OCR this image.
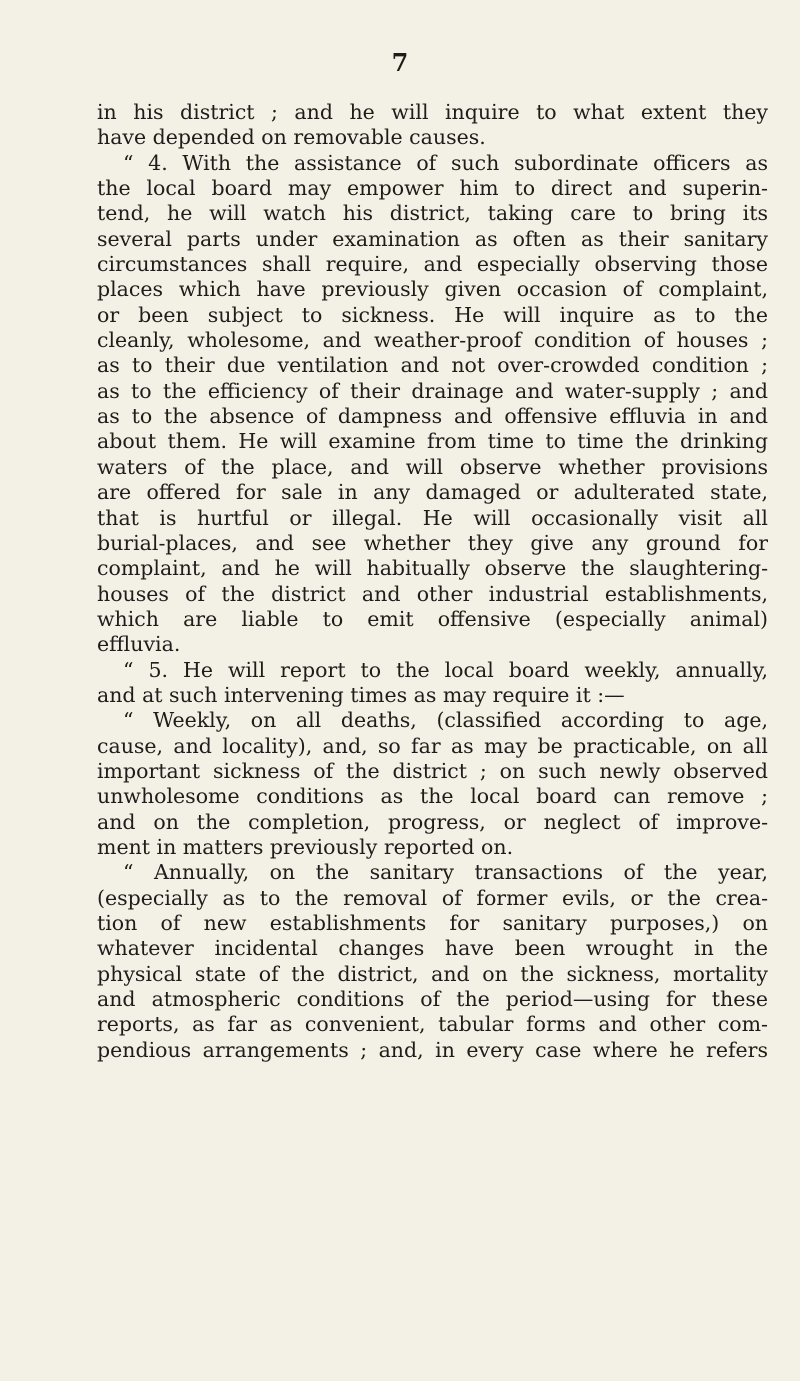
7
in his district ; and he will inquire to what extent they
have depended on removable causes.
“ 4. With the assistance of such subordinate officers as
the local board may empower him to direct and superin-
tend, he will watch his district, taking care to bring its
several parts under examination as often as their sanitary
circumstances shall require, and especially observing those
places which have previously given occasion of complaint,
or been subject to sickness. He will inquire as to the
cleanly, wholesome, and weather-proof condition of houses ;
as to their due ventilation and not over-crowded condition ;
as to the efficiency of their drainage and water-supply ; and
as to the absence of dampness and offensive effluvia in and
about them. He will examine from time to time the drinking
waters of the place, and will observe whether provisions
are offered for sale in any damaged or adulterated state,
that is hurtful or illegal. He will occasionally visit all
burial-places, and see whether they give any ground for
complaint, and he will habitually observe the slaughtering-
houses of the district and other industrial establishments,
which are liable to emit offensive (especially animal)
effluvia.
“ 5. He will report to the local board weekly, annually,
and at such intervening times as may require it :—
“ Weekly, on all deaths, (classified according to age,
cause, and locality), and, so far as may be practicable, on all
important sickness of the district ; on such newly observed
unwholesome conditions as the local board can remove ;
and on the completion, progress, or neglect of improve-
ment in matters previously reported on.
“ Annually, on the sanitary transactions of the year,
(especially as to the removal of former evils, or the crea-
tion of new establishments for sanitary purposes,) on
whatever incidental changes have been wrought in the
physical state of the district, and on the sickness, mortality
and atmospheric conditions of the period—using for these
reports, as far as convenient, tabular forms and other com-
pendious arrangements ; and, in every case where he refers
